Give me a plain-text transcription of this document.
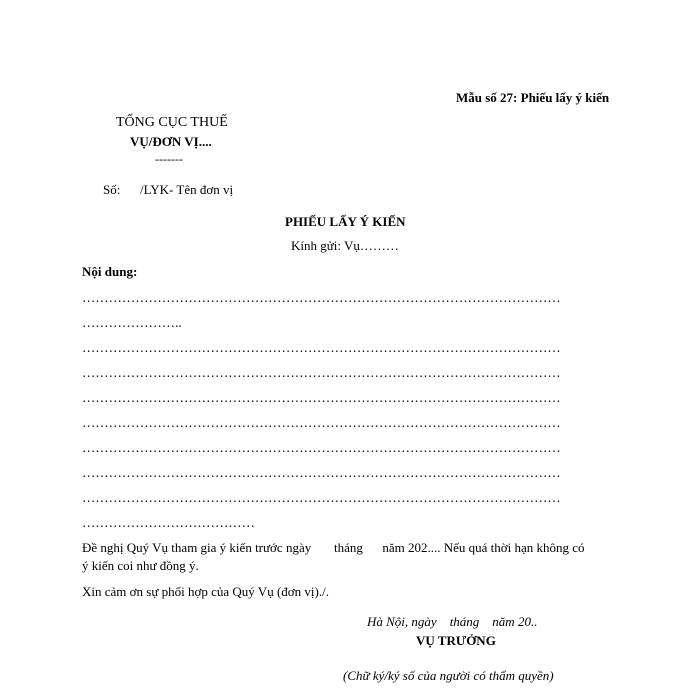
Mẫu số 27: Phiếu lấy ý kiến
TỔNG CỤC THUẾ
VỤ/ĐƠN VỊ....
-------
Số: /LYK- Tên đơn vị
PHIẾU LẤY Ý KIẾN
Kính gửi: Vụ………
Nội dung:
………………………………………………………………………………………………
…………………..
………………………………………………………………………………………………
………………………………………………………………………………………………
………………………………………………………………………………………………
………………………………………………………………………………………………
………………………………………………………………………………………………
………………………………………………………………………………………………
………………………………………………………………………………………………
…………………………………
Đề nghị Quý Vụ tham gia ý kiến trước ngày       tháng      năm 202.... Nếu quá thời hạn không có
ý kiến coi như đồng ý.
Xin cảm ơn sự phối hợp của Quý Vụ (đơn vị)./.
Hà Nội, ngày    tháng    năm 20..
VỤ TRƯỞNG
(Chữ ký/ký số của người có thẩm quyền)
